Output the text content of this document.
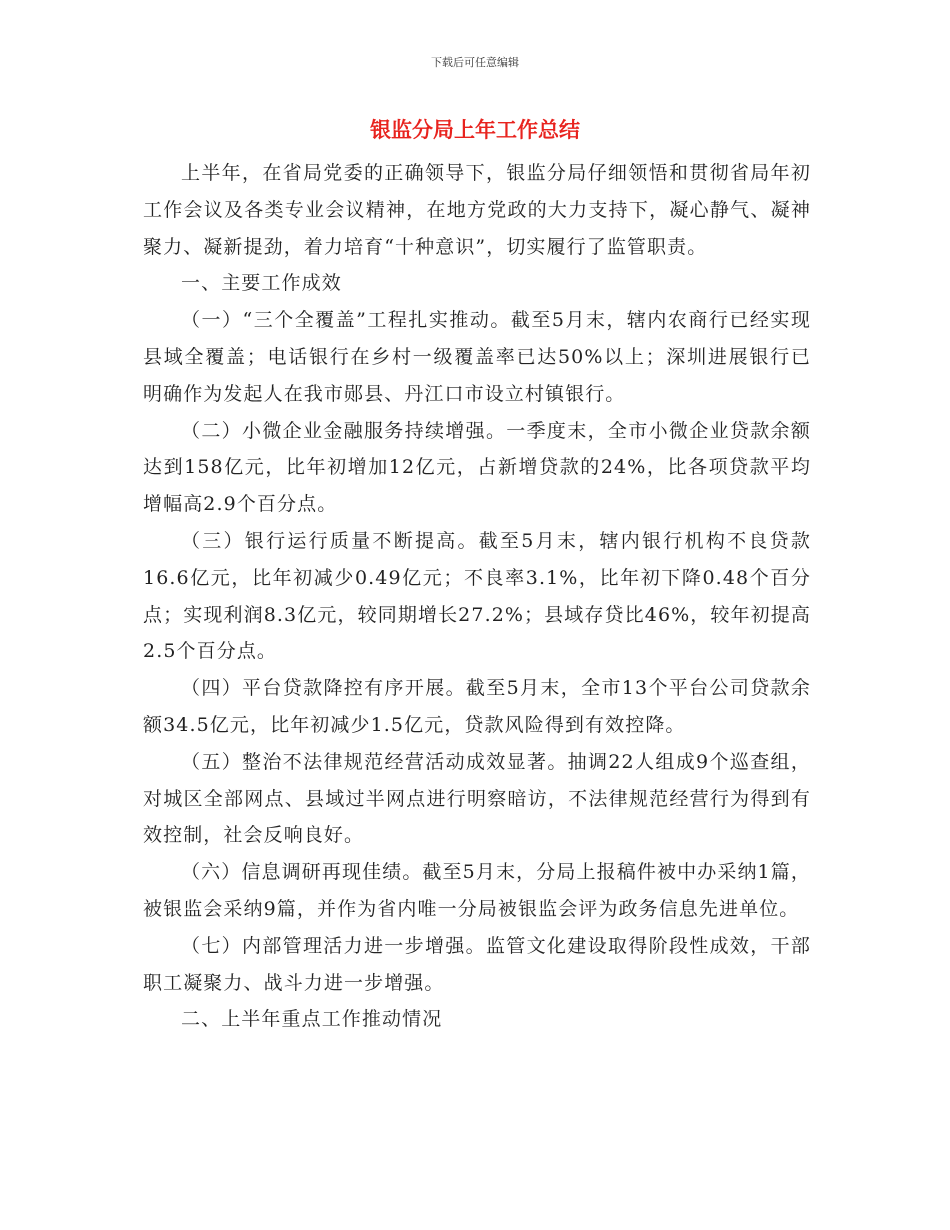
下载后可任意编辑
银监分局上年工作总结

上半年，在省局党委的正确领导下，银监分局仔细领悟和贯彻省局年初工作会议及各类专业会议精神，在地方党政的大力支持下，凝心静气、凝神聚力、凝新提劲，着力培育“十种意识”，切实履行了监管职责。

一、主要工作成效

（一）“三个全覆盖”工程扎实推动。截至5月末，辖内农商行已经实现县域全覆盖；电话银行在乡村一级覆盖率已达50%以上；深圳进展银行已明确作为发起人在我市郧县、丹江口市设立村镇银行。

（二）小微企业金融服务持续增强。一季度末，全市小微企业贷款余额达到158亿元，比年初增加12亿元，占新增贷款的24%，比各项贷款平均增幅高2.9个百分点。

（三）银行运行质量不断提高。截至5月末，辖内银行机构不良贷款16.6亿元，比年初减少0.49亿元；不良率3.1%，比年初下降0.48个百分点；实现利润8.3亿元，较同期增长27.2%；县域存贷比46%，较年初提高2.5个百分点。

（四）平台贷款降控有序开展。截至5月末，全市13个平台公司贷款余额34.5亿元，比年初减少1.5亿元，贷款风险得到有效控降。

（五）整治不法律规范经营活动成效显著。抽调22人组成9个巡查组，对城区全部网点、县域过半网点进行明察暗访，不法律规范经营行为得到有效控制，社会反响良好。

（六）信息调研再现佳绩。截至5月末，分局上报稿件被中办采纳1篇，被银监会采纳9篇，并作为省内唯一分局被银监会评为政务信息先进单位。

（七）内部管理活力进一步增强。监管文化建设取得阶段性成效，干部职工凝聚力、战斗力进一步增强。

二、上半年重点工作推动情况
